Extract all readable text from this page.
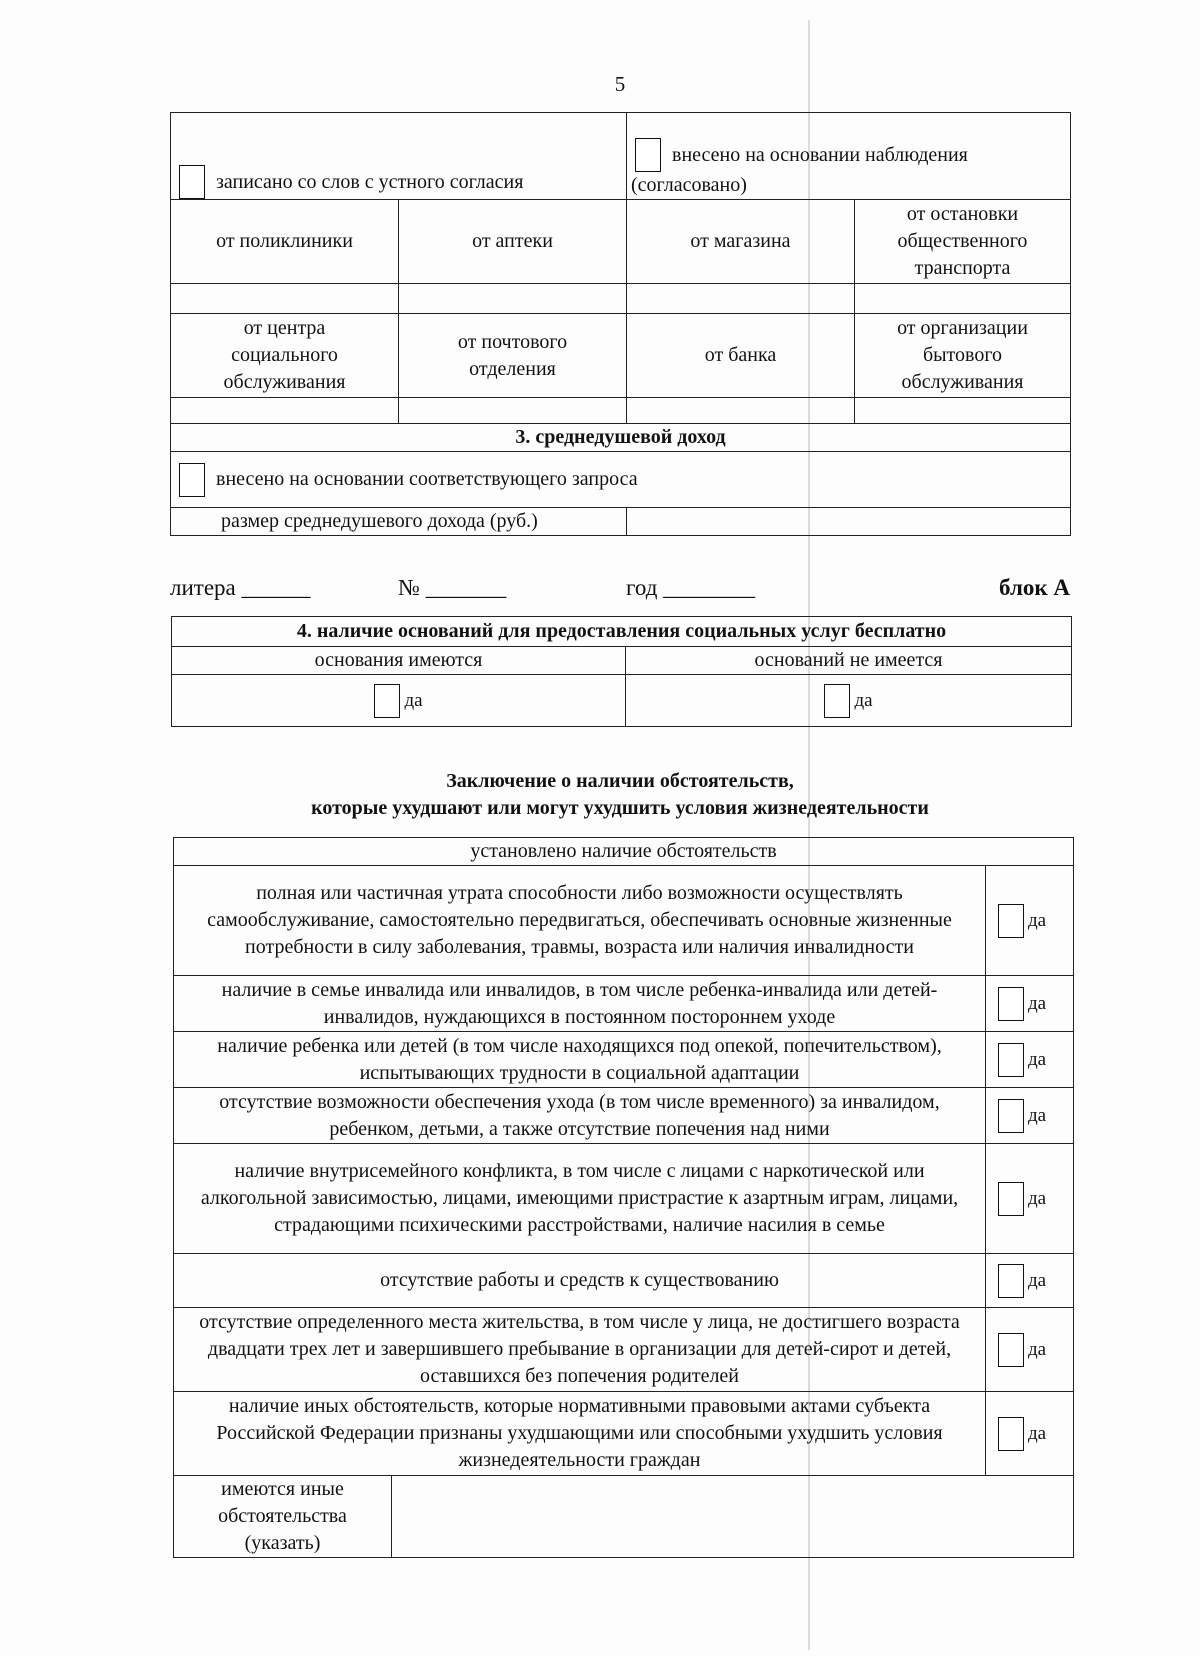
5
записано со слов с устного согласия		внесено на основании наблюдения
(согласовано)	
от поликлиники	от аптеки	от магазина	от остановки общественного транспорта

от центра социального обслуживания	от почтового отделения	от банка	от организации бытового обслуживания

3. среднедушевой доход			
внесено на основании соответствующего запроса			
размер среднедушевого дохода (руб.)			
литера ______	№ _______	год ________	блок А
4. наличие оснований для предоставления социальных услуг бесплатно	
основания имеются	оснований не имеется
да	да
Заключение о наличии обстоятельств,
которые ухудшают или могут ухудшить условия жизнедеятельности
установлено наличие обстоятельств		
полная или частичная утрата способности либо возможности осуществлять самообслуживание, самостоятельно передвигаться, обеспечивать основные жизненные потребности в силу заболевания, травмы, возраста или наличия инвалидности		да
наличие в семье инвалида или инвалидов, в том числе ребенка-инвалида или детей-инвалидов, нуждающихся в постоянном постороннем уходе		да
наличие ребенка или детей (в том числе находящихся под опекой, попечительством), испытывающих трудности в социальной адаптации		да
отсутствие возможности обеспечения ухода (в том числе временного) за инвалидом, ребенком, детьми, а также отсутствие попечения над ними		да
наличие внутрисемейного конфликта, в том числе с лицами с наркотической или алкогольной зависимостью, лицами, имеющими пристрастие к азартным играм, лицами, страдающими психическими расстройствами, наличие насилия в семье		да
отсутствие работы и средств к существованию		да
отсутствие определенного места жительства, в том числе у лица, не достигшего возраста двадцати трех лет и завершившего пребывание в организации для детей-сирот и детей, оставшихся без попечения родителей		да
наличие иных обстоятельств, которые нормативными правовыми актами субъекта Российской Федерации признаны ухудшающими или способными ухудшить условия жизнедеятельности граждан		да
имеются иные обстоятельства (указать)		
